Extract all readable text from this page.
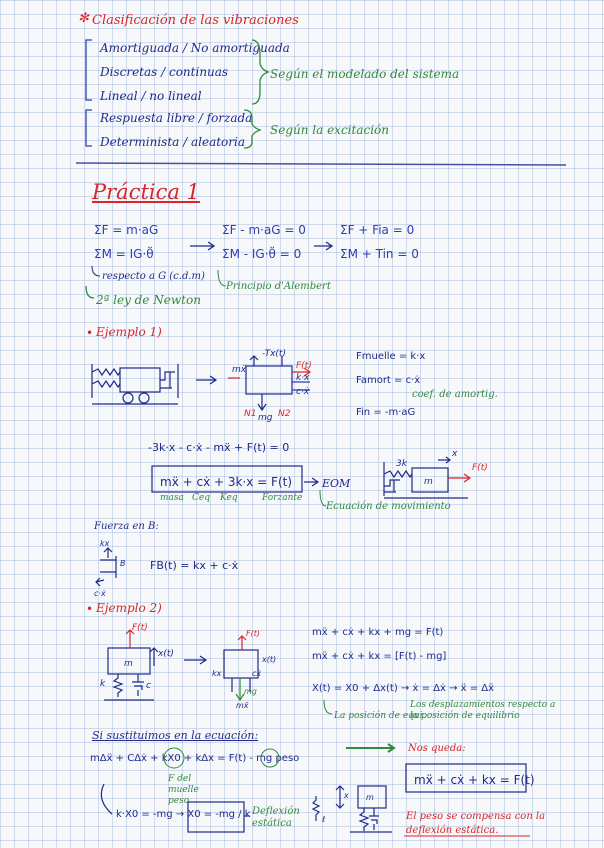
✻ Clasificación de las vibraciones
Amortiguada / No amortiguada
Discretas / continuas
Lineal / no lineal
Respuesta libre / forzada
Determinista / aleatoria
Según el modelado del sistema
Según la excitación
Práctica 1
ΣF = m·aG
ΣM = IG·θ̈
ΣF - m·aG = 0
ΣM - IG·θ̈ = 0
ΣF + Fia = 0
ΣM + Tin = 0
respecto a G (c.d.m)
Principio d'Alembert
2ª ley de Newton
• Ejemplo 1)
Fmuelle = k·x
Famort = c·ẋ
coef. de amortig.
Fin = -m·aG
-3k·x - c·ẋ - mẍ + F(t) = 0
mẍ + cẋ + 3k·x = F(t)	EOM
Ecuación de movimiento
masa Ceq Keq	Forzante
Fuerza en B:
FB(t) = kx + c·ẋ
• Ejemplo 2)
mẍ + cẋ + kx + mg = F(t)
mẍ + cẋ + kx = [F(t) - mg]
X(t) = X0 + Δx(t) → ẋ = Δẋ → ẍ = Δẍ
La posición de equi.
Los desplazamientos respecto a la posición de equilibrio
Si sustituimos en la ecuación:
mΔẍ + CΔẋ + kX0 + kΔx = F(t) - mg peso
F del muelle peso
k·X0 = -mg → X0 = -mg / k Deflexión estática
Nos queda:
mẍ + cẋ + kx = F(t)
El peso se compensa con la deflexión estática.
mẍ	F(t)
k·x
c·ẋ
mg
N1 N2
-Tx(t)
3k
m
F(t)
x
kx
c·ẋ
B
m
x(t)
F(t)
k	c
F(t)
kx	cẋ
mg
mẍ
x(t)
m
x
ℓ
